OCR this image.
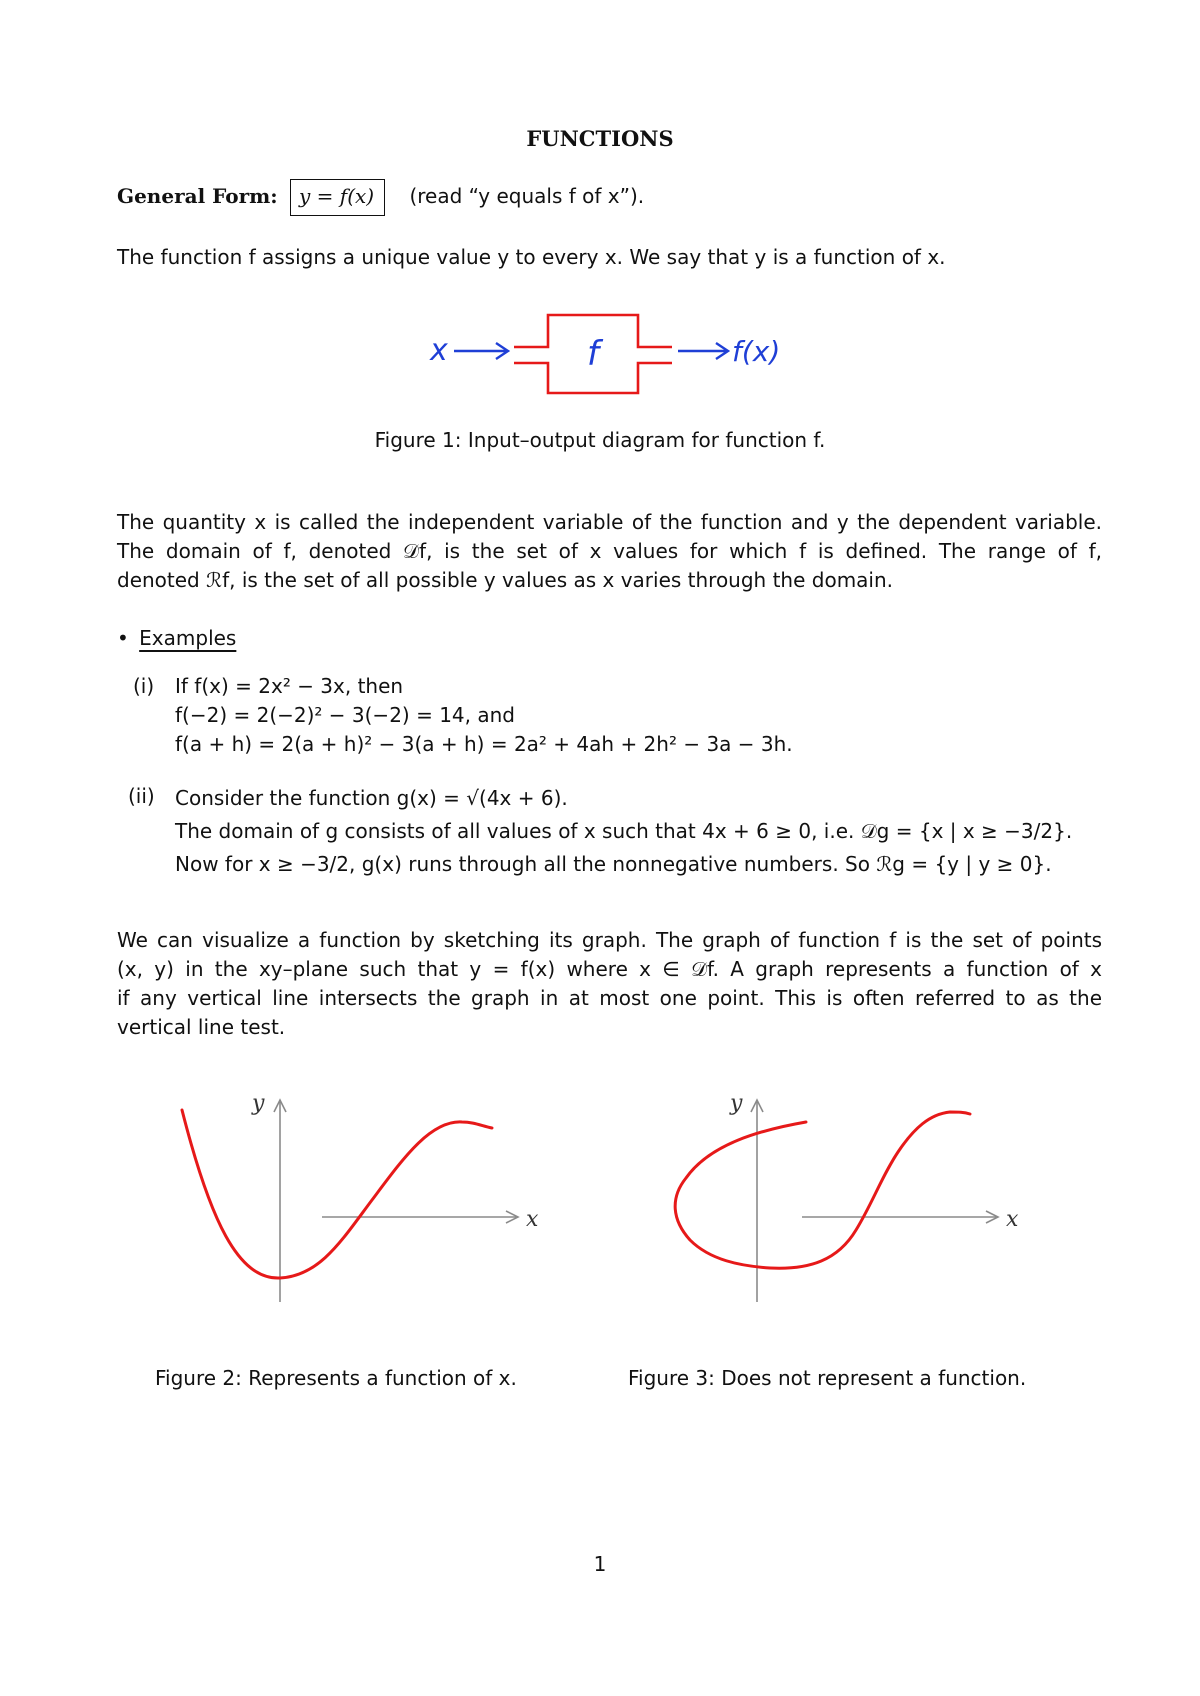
FUNCTIONS
General Form: y = f(x) (read “y equals f of x”).
The function f assigns a unique value y to every x. We say that y is a function of x.
x	f	f(x)
Figure 1: Input–output diagram for function f.
The quantity x is called the independent variable of the function and y the dependent variable.
The domain of f, denoted 𝒟f, is the set of x values for which f is defined. The range of f,
denoted ℛf, is the set of all possible y values as x varies through the domain.
• Examples
(i) If f(x) = 2x² − 3x, then
f(−2) = 2(−2)² − 3(−2) = 14, and
f(a + h) = 2(a + h)² − 3(a + h) = 2a² + 4ah + 2h² − 3a − 3h.
(ii) Consider the function g(x) = √(4x + 6).
The domain of g consists of all values of x such that 4x + 6 ≥ 0, i.e. 𝒟g = {x | x ≥ −3/2}.
Now for x ≥ −3/2, g(x) runs through all the nonnegative numbers. So ℛg = {y | y ≥ 0}.
We can visualize a function by sketching its graph. The graph of function f is the set of points
(x, y) in the xy–plane such that y = f(x) where x ∈ 𝒟f. A graph represents a function of x
if any vertical line intersects the graph in at most one point. This is often referred to as the
vertical line test.
y
x
Figure 2: Represents a function of x.
y
x
Figure 3: Does not represent a function.
1
